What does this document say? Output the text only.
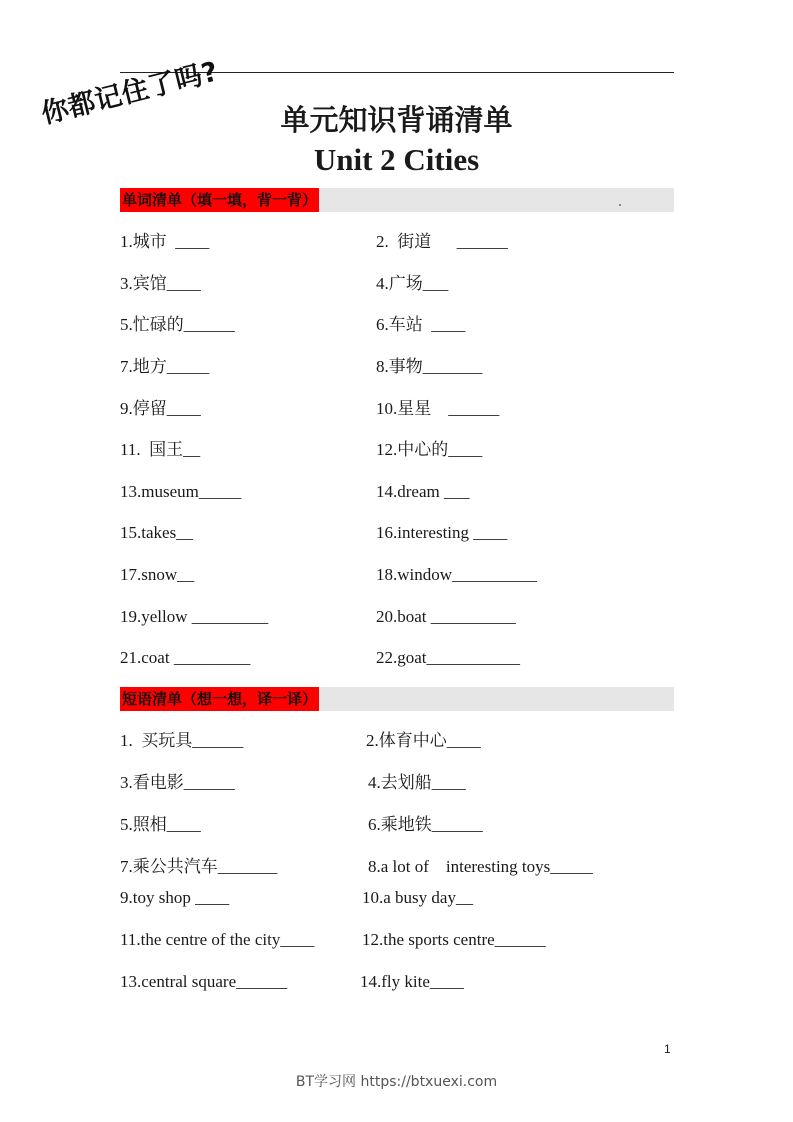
你都记住了吗?	单元知识背诵清单
Unit 2 Cities
单词清单（填一填，背一背）
1.城市  ____	2.  街道      ______
3.宾馆____	4.广场___
5.忙碌的______	6.车站  ____
7.地方_____	8.事物_______
9.停留____	10.星星    ______
11.  国王__	12.中心的____
13.museum_____	14.dream ___
15.takes__	16.interesting ____
17.snow__	18.window__________
19.yellow _________	20.boat __________
21.coat _________	22.goat___________
短语清单（想一想，译一译）
1.  买玩具______	2.体育中心____
3.看电影______	4.去划船____
5.照相____	6.乘地铁______
7.乘公共汽车_______	8.a lot of    interesting toys_____
9.toy shop ____	10.a busy day__
11.the centre of the city____	12.the sports centre______
13.central square______	14.fly kite____
1
BT学习网 https://btxuexi.com
